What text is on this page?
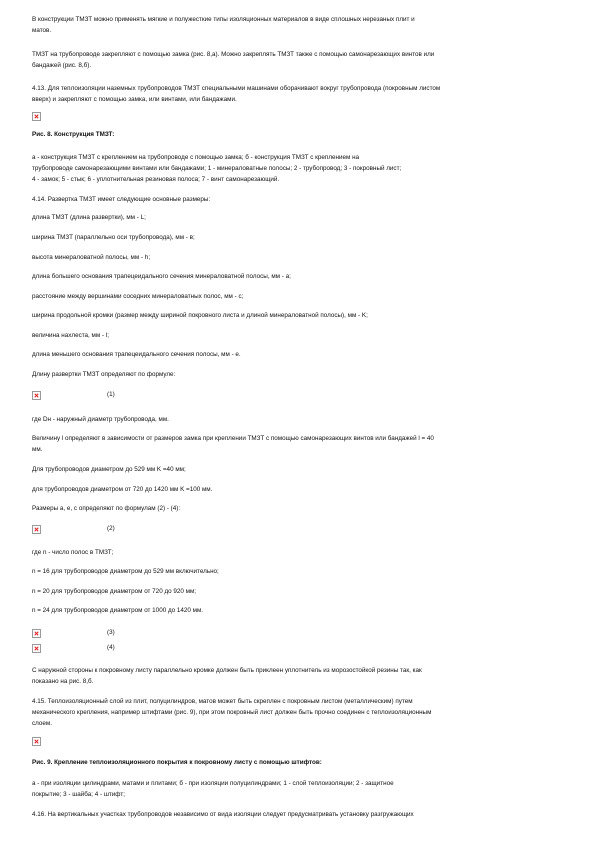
В конструкции ТМЗТ можно применять мягкие и полужесткие типы изоляционных материалов в виде сплошных нерезаных плит и

матов.

ТМЗТ на трубопроводе закрепляют с помощью замка (рис. 8,а). Можно закреплять ТМЗТ также с помощью самонарезающих винтов или

бандажей (рис. 8,б).

4.13. Для теплоизоляции наземных трубопроводов ТМЗТ специальными машинами оборачивают вокруг трубопровода (покровным листом

вверх) и закрепляют с помощью замка, или винтами, или бандажами.

Рис. 8. Конструкция ТМЗТ:

а - конструкция ТМЗТ с креплением на трубопроводе с помощью замка; б - конструкция ТМЗТ с креплением на

трубопроводе самонарезающими винтами или бандажами; 1 - минераловатные полосы; 2 - трубопровод; 3 - покровный лист;

4 - замок; 5 - стык; 6 - уплотнительная резиновая полоса; 7 - винт самонарезающий.

4.14. Развертка ТМЗТ имеет следующие основные размеры:

длина ТМЗТ (длина развертки), мм - L;

ширина ТМЗТ (параллельно оси трубопровода), мм - в;

высота минераловатной полосы, мм - h;

длина большего основания трапецеидального сечения минераловатной полосы, мм - a;

расстояние между вершинами соседних минераловатных полос, мм - c;

ширина продольной кромки (размер между шириной покровного листа и длиной минераловатной полосы), мм - K;

величина нахлеста, мм - l;

длина меньшего основания трапецеидального сечения полосы, мм - e.

Длину развертки ТМЗТ определяют по формуле:

(1)

где Dн - наружный диаметр трубопровода, мм.

Величину l определяют в зависимости от размеров замка при креплении ТМЗТ с помощью самонарезающих винтов или бандажей l = 40

мм.

Для трубопроводов диаметром до 529 мм K =40 мм;

для трубопроводов диаметром от 720 до 1420 мм K =100 мм.

Размеры a, e, c определяют по формулам (2) - (4):

(2)

где n - число полос в ТМЗТ;

n = 16 для трубопроводов диаметром до 529 мм включительно;

n = 20 для трубопроводов диаметром от 720 до 920 мм;

n = 24 для трубопроводов диаметром от 1000 до 1420 мм.

(3)
(4)

С наружной стороны к покровному листу параллельно кромке должен быть приклеен уплотнитель из морозостойкой резины так, как

показано на рис. 8,б.

4.15. Теплоизоляционный слой из плит, полуцилиндров, матов может быть скреплен с покровным листом (металлическим) путем

механического крепления, например штифтами (рис. 9), при этом покровный лист должен быть прочно соединен с теплоизоляционным

слоем.

Рис. 9. Крепление теплоизоляционного покрытия к покровному листу с помощью штифтов:

а - при изоляции цилиндрами, матами и плитами; б - при изоляции полуцилиндрами; 1 - слой теплоизоляции; 2 - защитное

покрытие; 3 - шайба; 4 - штифт;

4.16. На вертикальных участках трубопроводов независимо от вида изоляции следует предусматривать установку разгружающих
